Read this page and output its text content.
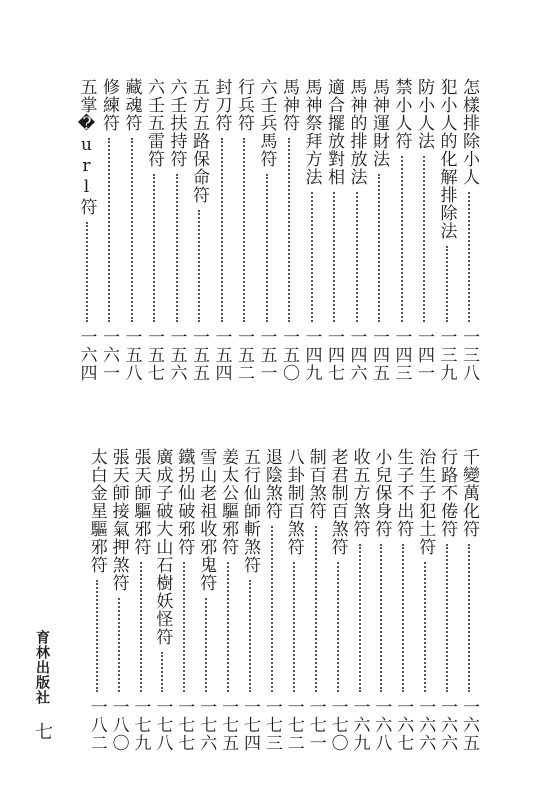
怎樣排除小人
一三八
犯小人的化解排除法
一三九
防小人法
一四一
禁小人符
一四三
馬神運財法
一四五
馬神的排放法
一四六
適合擺放對相
一四七
馬神祭拜方法
一四九
馬神符
一五〇
六壬兵馬符
一五一
行兵符
一五二
封刀符
一五四
五方五路保命符
一五五
六壬扶持符
一五六
六壬五雷符
一五七
藏魂符
一五八
修練符
一六一
五掌�url符
一六四
千變萬化符
一六五
行路不倦符
一六六
治生子犯土符
一六六
生子不出符
一六七
小兒保身符
一六八
收五方煞符
一六九
老君制百煞符
一七〇
制百煞符
一七一
八卦制百煞符
一七二
退陰煞符
一七三
五行仙師斬煞符
一七四
姜太公驅邪符
一七五
雪山老祖收邪鬼符
一七六
鐵拐仙破邪符
一七七
廣成子破大山石樹妖怪符
一七八
張天師驅邪符
一七九
張天師接氣押煞符
一八〇
太白金星驅邪符
一八二
育林出版社
七
